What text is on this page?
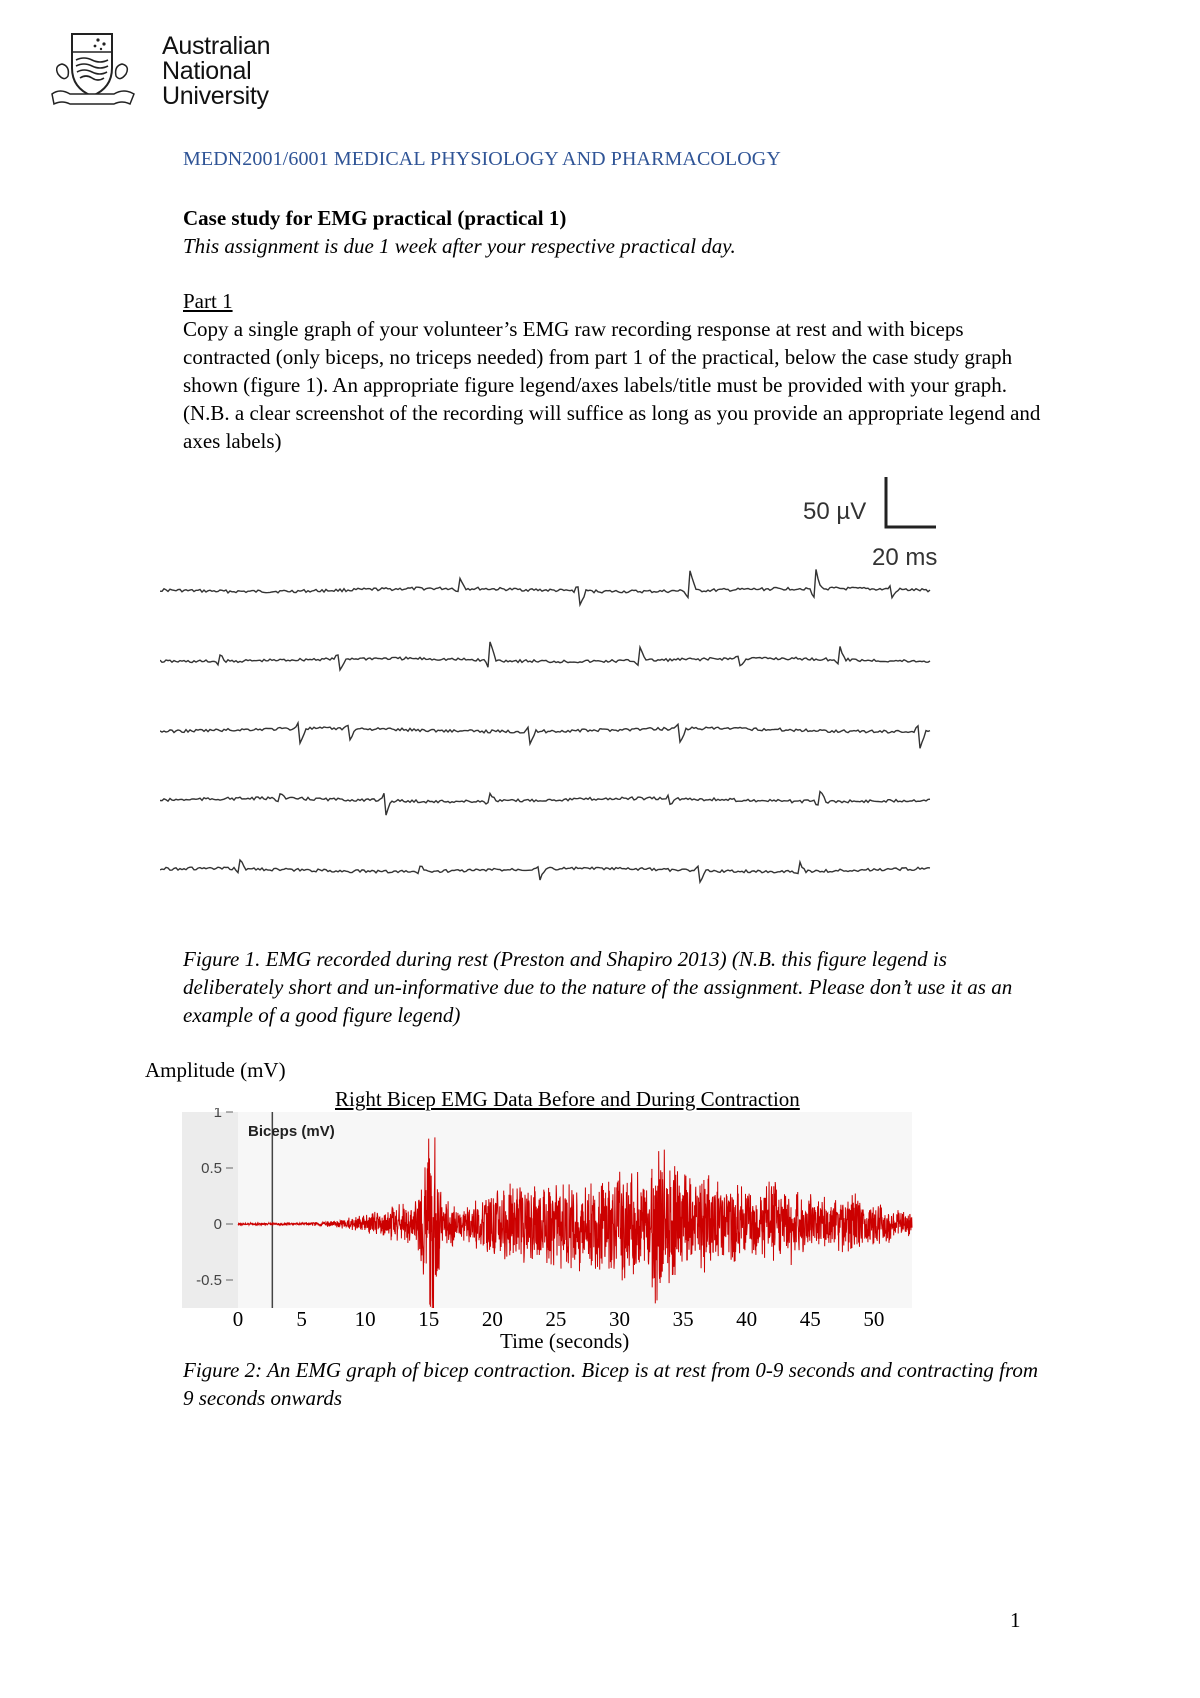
Australian
National
University
MEDN2001/6001 MEDICAL PHYSIOLOGY AND PHARMACOLOGY
Case study for EMG practical (practical 1)
This assignment is due 1 week after your respective practical day.
Part 1
Copy a single graph of your volunteer’s EMG raw recording response at rest and with biceps contracted (only biceps, no triceps needed) from part 1 of the practical, below the case study graph shown (figure 1). An appropriate figure legend/axes labels/title must be provided with your graph. (N.B. a clear screenshot of the recording will suffice as long as you provide an appropriate legend and axes labels)
50 µV
20 ms
Figure 1. EMG recorded during rest (Preston and Shapiro 2013) (N.B. this figure legend is deliberately short and un-informative due to the nature of the assignment. Please don’t use it as an example of a good figure legend)
Amplitude (mV)
Right Bicep EMG Data Before and During Contraction
1
0.5
0
-0.5
Biceps (mV)
0	5 10 15 20 25 30 35 40 45 50
Time (seconds)
Figure 2: An EMG graph of bicep contraction. Bicep is at rest from 0-9 seconds and contracting from 9 seconds onwards
1
